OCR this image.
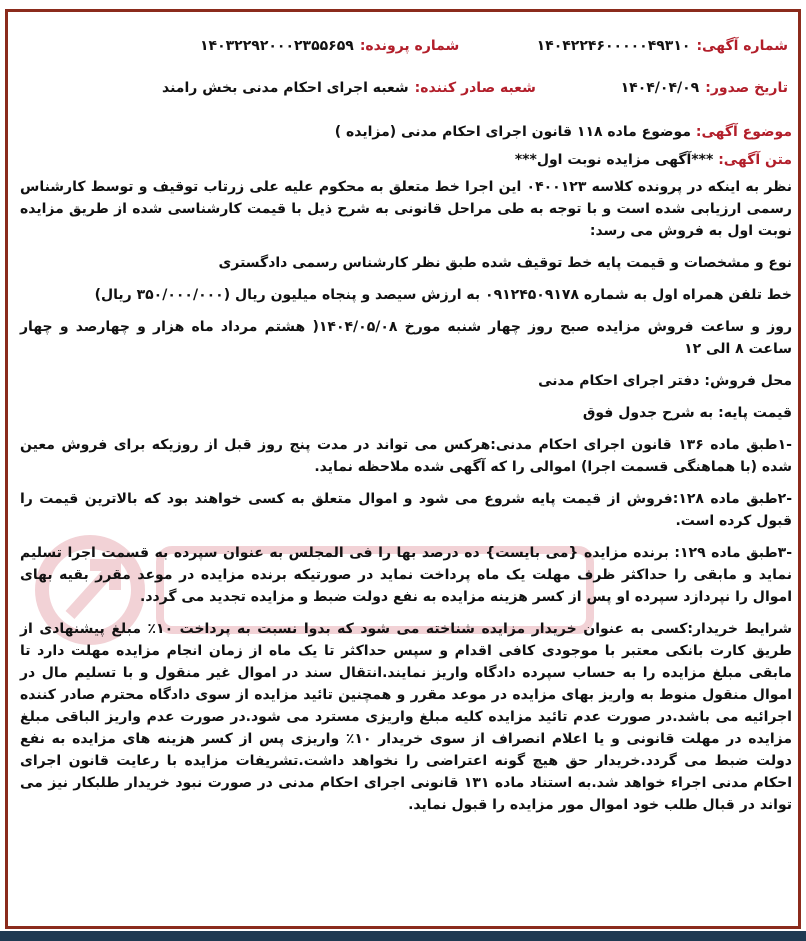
شماره آگهی:
۱۴۰۴۲۲۴۶۰۰۰۰۰۴۹۳۱۰
شماره پرونده:
۱۴۰۳۲۲۹۲۰۰۰۲۳۵۵۶۵۹
تاریخ صدور:
۱۴۰۴/۰۴/۰۹
شعبه صادر کننده:
شعبه اجرای احکام مدنی بخش رامند
موضوع آگهی: موضوع ماده ۱۱۸ قانون اجرای احکام مدنی (مزایده )
متن آگهی: ***آگهی مزایده نوبت اول***
نظر به اینکه در پرونده کلاسه ۰۴۰۰۱۲۳ این اجرا خط متعلق به محکوم علیه علی زرتاب توقیف و توسط کارشناس رسمی ارزیابی شده است و با توجه به طی مراحل قانونی به شرح ذیل با قیمت کارشناسی شده از طریق مزایده نوبت اول به فروش می رسد:
نوع و مشخصات و قیمت پایه خط توقیف شده طبق نظر کارشناس رسمی دادگستری
خط تلفن همراه اول به شماره ۰۹۱۲۴۵۰۹۱۷۸ به ارزش سیصد و پنجاه میلیون ریال (۳۵۰/۰۰۰/۰۰۰ ریال)
روز و ساعت فروش مزایده صبح روز چهار شنبه مورخ ۱۴۰۴/۰۵/۰۸( هشتم مرداد ماه هزار و چهارصد و چهار ساعت ۸ الی ۱۲
محل فروش: دفتر اجرای احکام مدنی
قیمت پایه: به شرح جدول فوق
-۱طبق ماده ۱۳۶ قانون اجرای احکام مدنی:هرکس می تواند در مدت پنج روز قبل از روزیکه برای فروش معین شده (با هماهنگی قسمت اجرا) اموالی را که آگهی شده ملاحظه نماید.
-۲طبق ماده ۱۲۸:فروش از قیمت پایه شروع می شود و اموال متعلق به کسی خواهند بود که بالاترین قیمت را قبول کرده است.
-۳طبق ماده ۱۲۹: برنده مزایده {می بایست} ده درصد بها را فی المجلس به عنوان سپرده به قسمت اجرا تسلیم نماید و مابقی را حداکثر ظرف مهلت یک ماه پرداخت نماید در صورتیکه برنده مزایده در موعد مقرر بقیه بهای اموال را نپردازد سپرده او پس از کسر هزینه مزایده به نفع دولت ضبط و مزایده تجدید می گردد.
شرایط خریدار:کسی به عنوان خریدار مزایده شناخته می شود که بدوا نسبت به پرداخت ۱۰٪ مبلغ پیشنهادی از طریق کارت بانکی معتبر با موجودی کافی اقدام و سپس حداکثر تا یک ماه از زمان انجام مزایده مهلت دارد تا مابقی مبلغ مزایده را به حساب سپرده دادگاه واریز نمایند.انتقال سند در اموال غیر منقول و با تسلیم مال در اموال منقول منوط به واریز بهای مزایده در موعد مقرر و همچنین تائید مزایده از سوی دادگاه محترم صادر کننده اجرائیه می باشد.در صورت عدم تائید مزایده کلیه مبلغ واریزی مسترد می شود.در صورت عدم واریز الباقی مبلغ مزایده در مهلت قانونی و یا اعلام انصراف از سوی خریدار ۱۰٪ واریزی پس از کسر هزینه های مزایده به نفع دولت ضبط می گردد.خریدار حق هیچ گونه اعتراضی را نخواهد داشت.تشریفات مزایده با رعایت قانون اجرای احکام مدنی اجراء خواهد شد.به استناد ماده ۱۳۱ قانونی اجرای احکام مدنی در صورت نبود خریدار طلبکار نیز می تواند در قبال طلب خود اموال مور مزایده را قبول نماید.
